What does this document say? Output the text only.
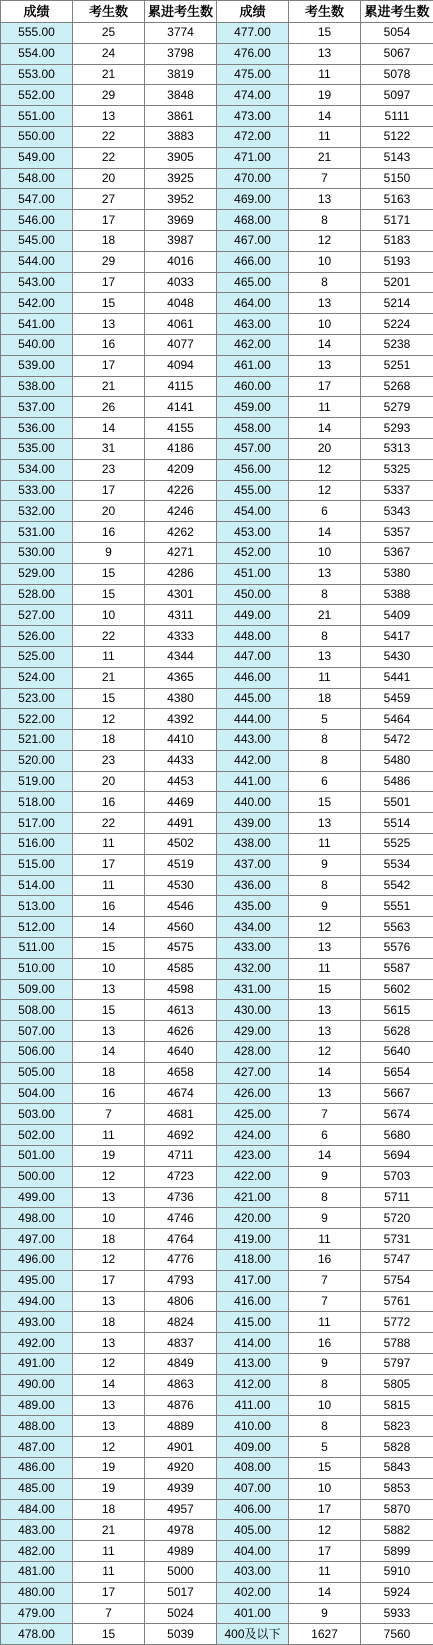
成绩	考生数	累进考生数	成绩	考生数	累进考生数
555.00	25	3774	477.00	15	5054
554.00	24	3798	476.00	13	5067
553.00	21	3819	475.00	11	5078
552.00	29	3848	474.00	19	5097
551.00	13	3861	473.00	14	5111
550.00	22	3883	472.00	11	5122
549.00	22	3905	471.00	21	5143
548.00	20	3925	470.00	7	5150
547.00	27	3952	469.00	13	5163
546.00	17	3969	468.00	8	5171
545.00	18	3987	467.00	12	5183
544.00	29	4016	466.00	10	5193
543.00	17	4033	465.00	8	5201
542.00	15	4048	464.00	13	5214
541.00	13	4061	463.00	10	5224
540.00	16	4077	462.00	14	5238
539.00	17	4094	461.00	13	5251
538.00	21	4115	460.00	17	5268
537.00	26	4141	459.00	11	5279
536.00	14	4155	458.00	14	5293
535.00	31	4186	457.00	20	5313
534.00	23	4209	456.00	12	5325
533.00	17	4226	455.00	12	5337
532.00	20	4246	454.00	6	5343
531.00	16	4262	453.00	14	5357
530.00	9	4271	452.00	10	5367
529.00	15	4286	451.00	13	5380
528.00	15	4301	450.00	8	5388
527.00	10	4311	449.00	21	5409
526.00	22	4333	448.00	8	5417
525.00	11	4344	447.00	13	5430
524.00	21	4365	446.00	11	5441
523.00	15	4380	445.00	18	5459
522.00	12	4392	444.00	5	5464
521.00	18	4410	443.00	8	5472
520.00	23	4433	442.00	8	5480
519.00	20	4453	441.00	6	5486
518.00	16	4469	440.00	15	5501
517.00	22	4491	439.00	13	5514
516.00	11	4502	438.00	11	5525
515.00	17	4519	437.00	9	5534
514.00	11	4530	436.00	8	5542
513.00	16	4546	435.00	9	5551
512.00	14	4560	434.00	12	5563
511.00	15	4575	433.00	13	5576
510.00	10	4585	432.00	11	5587
509.00	13	4598	431.00	15	5602
508.00	15	4613	430.00	13	5615
507.00	13	4626	429.00	13	5628
506.00	14	4640	428.00	12	5640
505.00	18	4658	427.00	14	5654
504.00	16	4674	426.00	13	5667
503.00	7	4681	425.00	7	5674
502.00	11	4692	424.00	6	5680
501.00	19	4711	423.00	14	5694
500.00	12	4723	422.00	9	5703
499.00	13	4736	421.00	8	5711
498.00	10	4746	420.00	9	5720
497.00	18	4764	419.00	11	5731
496.00	12	4776	418.00	16	5747
495.00	17	4793	417.00	7	5754
494.00	13	4806	416.00	7	5761
493.00	18	4824	415.00	11	5772
492.00	13	4837	414.00	16	5788
491.00	12	4849	413.00	9	5797
490.00	14	4863	412.00	8	5805
489.00	13	4876	411.00	10	5815
488.00	13	4889	410.00	8	5823
487.00	12	4901	409.00	5	5828
486.00	19	4920	408.00	15	5843
485.00	19	4939	407.00	10	5853
484.00	18	4957	406.00	17	5870
483.00	21	4978	405.00	12	5882
482.00	11	4989	404.00	17	5899
481.00	11	5000	403.00	11	5910
480.00	17	5017	402.00	14	5924
479.00	7	5024	401.00	9	5933
478.00	15	5039	400及以下	1627	7560
